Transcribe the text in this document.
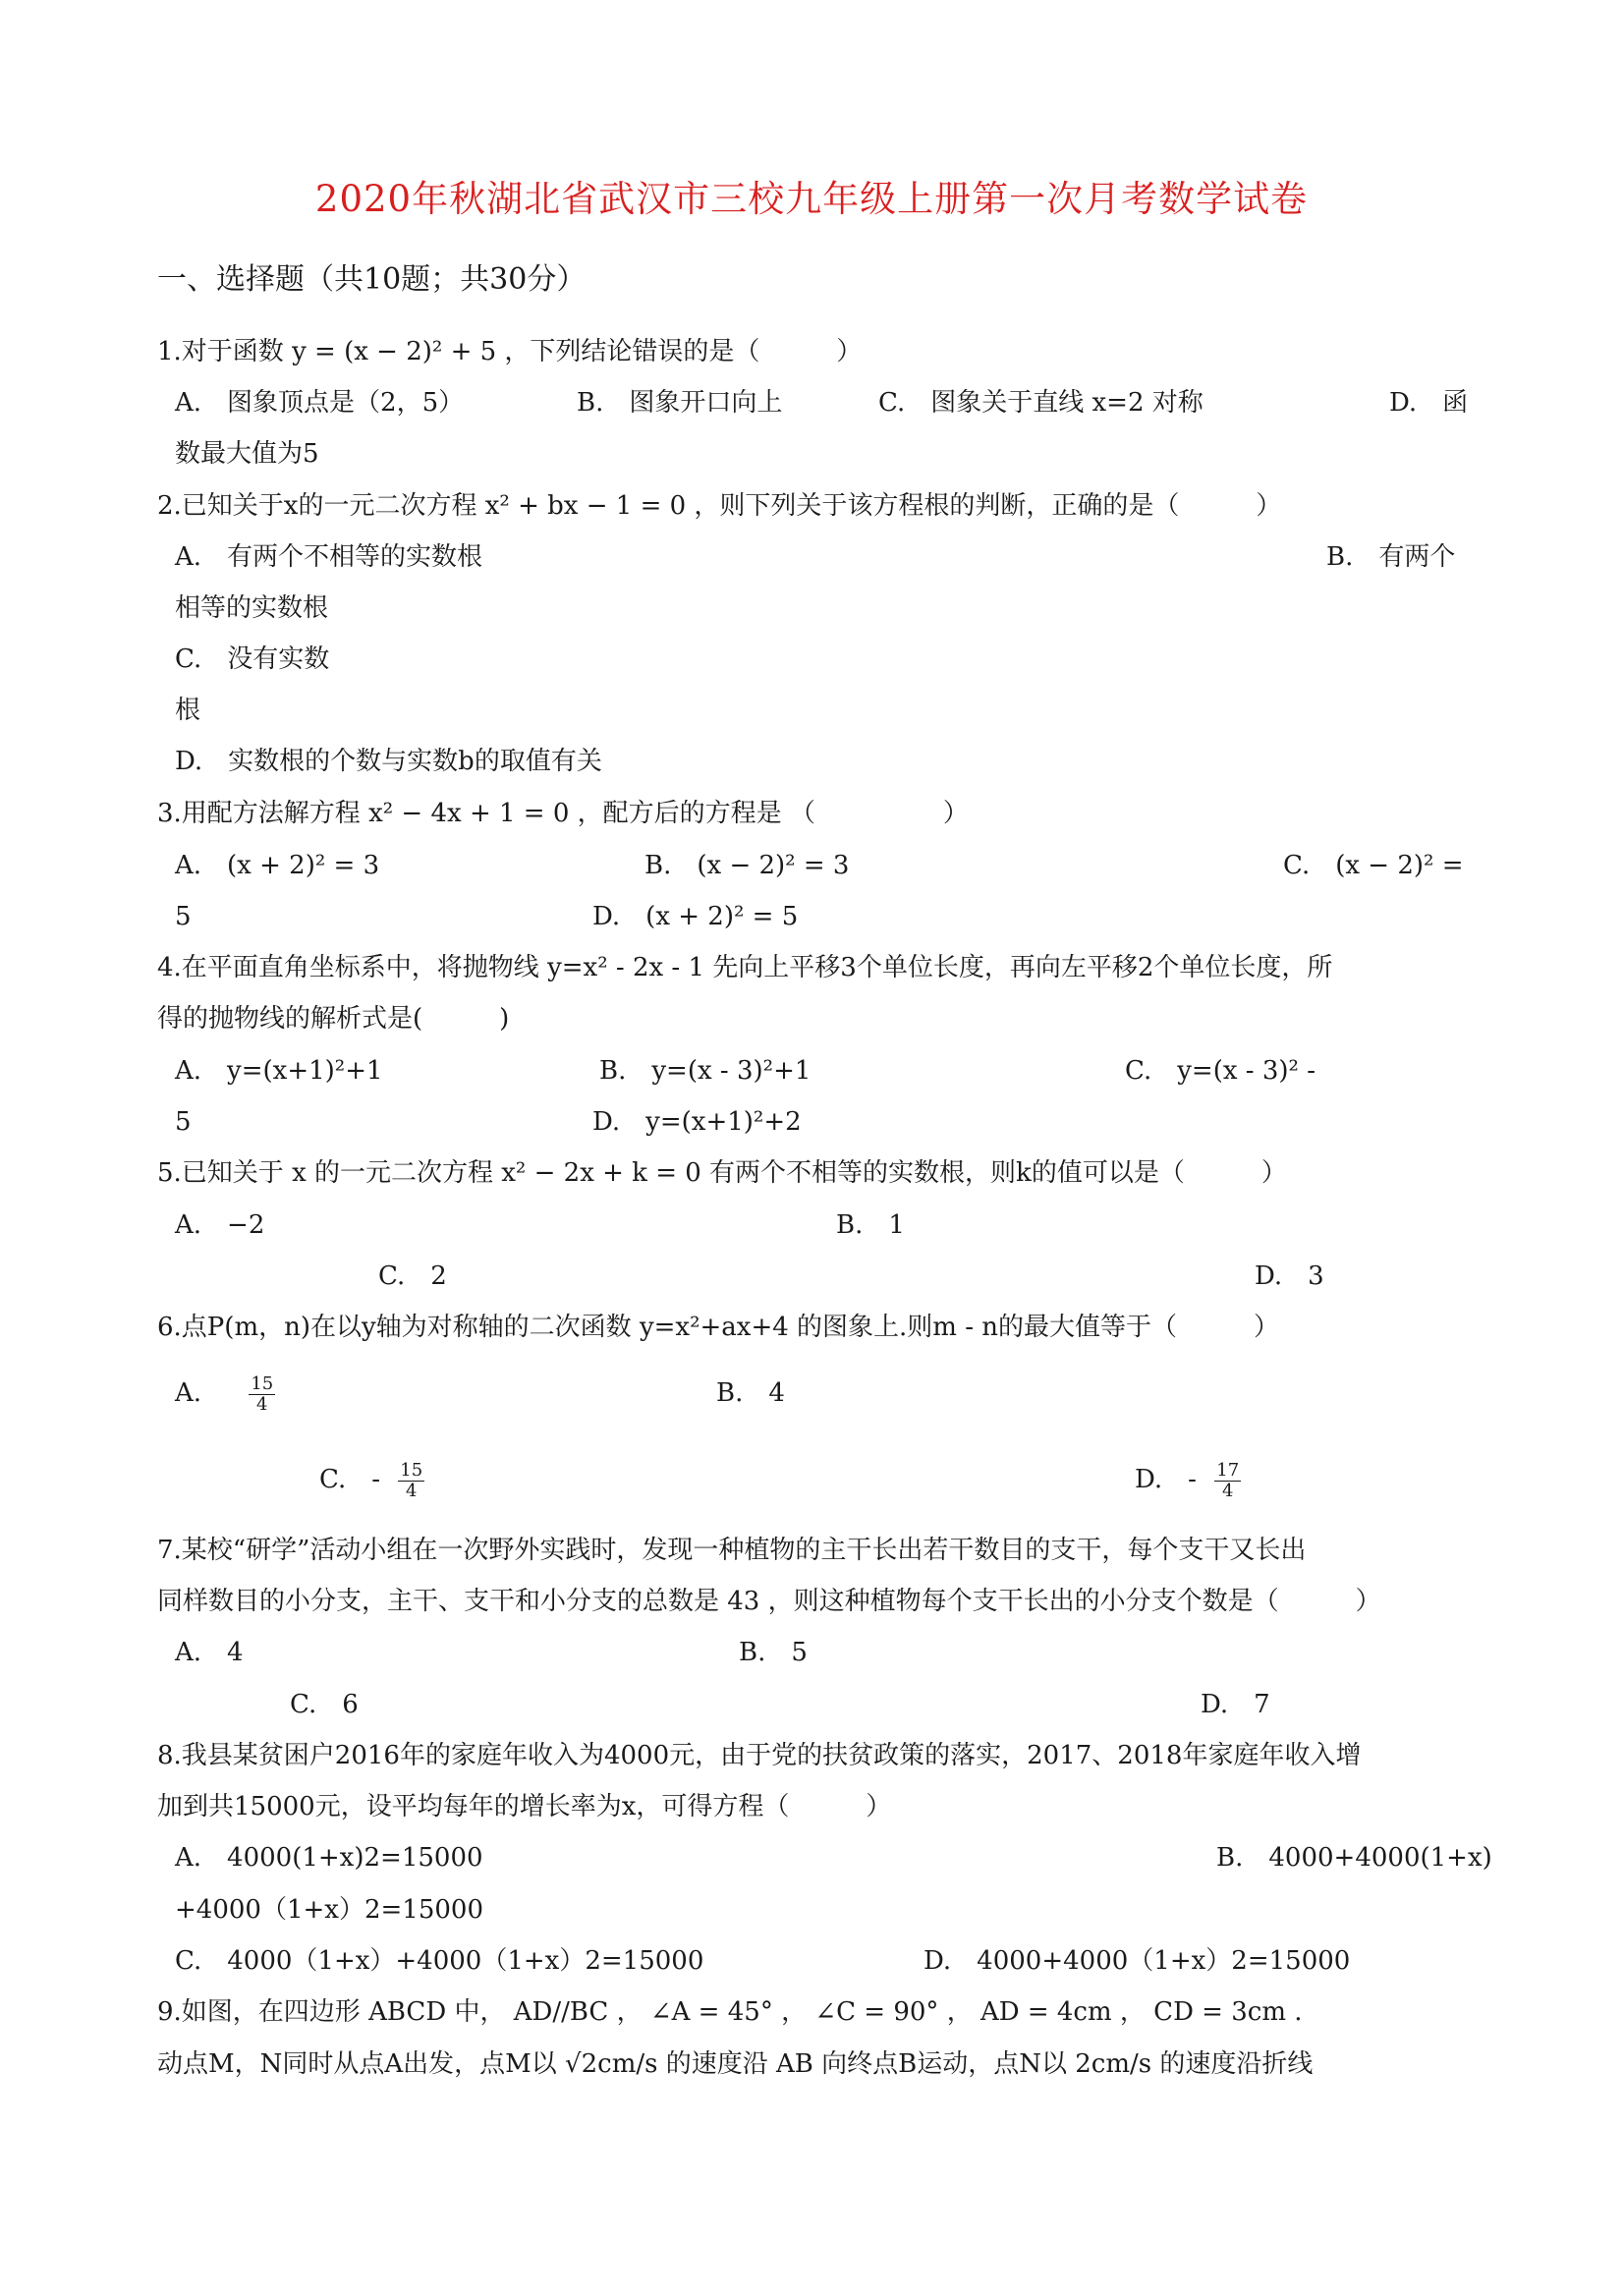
2020年秋湖北省武汉市三校九年级上册第一次月考数学试卷
一、选择题（共10题；共30分）
1.对于函数 y = (x − 2)² + 5 ，下列结论错误的是（　　　）
A.　图象顶点是（2，5）	B.　图象开口向上	C.　图象关于直线 x=2 对称	D.　函
数最大值为5
2.已知关于x的一元二次方程 x² + bx − 1 = 0 ，则下列关于该方程根的判断，正确的是（　　　）
A.　有两个不相等的实数根	B.　有两个
相等的实数根
C.　没有实数
根
D.　实数根的个数与实数b的取值有关
3.用配方法解方程 x² − 4x + 1 = 0 ，配方后的方程是 （　　　　　）
A.　(x + 2)² = 3	B.　(x − 2)² = 3	C.　(x − 2)² =
5	D.　(x + 2)² = 5
4.在平面直角坐标系中，将抛物线 y=x² - 2x - 1 先向上平移3个单位长度，再向左平移2个单位长度，所
得的抛物线的解析式是(　　　)
A.　y=(x+1)²+1	B.　y=(x - 3)²+1	C.　y=(x - 3)² -
5	D.　y=(x+1)²+2
5.已知关于 x 的一元二次方程 x² − 2x + k = 0 有两个不相等的实数根，则k的值可以是（　　　）
A.　−2	B.　1
C.　2	D.　3
6.点P(m，n)在以y轴为对称轴的二次函数 y=x²+ax+4 的图象上.则m - n的最大值等于（　　　）
A.	$\frac{15}{4}$	B.　4
C.　- $\frac{15}{4}$	D.　- $\frac{17}{4}$
7.某校“研学”活动小组在一次野外实践时，发现一种植物的主干长出若干数目的支干，每个支干又长出
同样数目的小分支，主干、支干和小分支的总数是 43 ，则这种植物每个支干长出的小分支个数是（　　　）
A.　4	B.　5
C.　6	D.　7
8.我县某贫困户2016年的家庭年收入为4000元，由于党的扶贫政策的落实，2017、2018年家庭年收入增
加到共15000元，设平均每年的增长率为x，可得方程（　　　）
A.　4000(1+x)2=15000	B.　4000+4000(1+x)
+4000（1+x）2=15000
C.　4000（1+x）+4000（1+x）2=15000	D.　4000+4000（1+x）2=15000
9.如图，在四边形 ABCD 中， AD//BC ， ∠A = 45° ， ∠C = 90° ， AD = 4cm ， CD = 3cm .
动点M，N同时从点A出发，点M以 √2cm/s 的速度沿 AB 向终点B运动，点N以 2cm/s 的速度沿折线
